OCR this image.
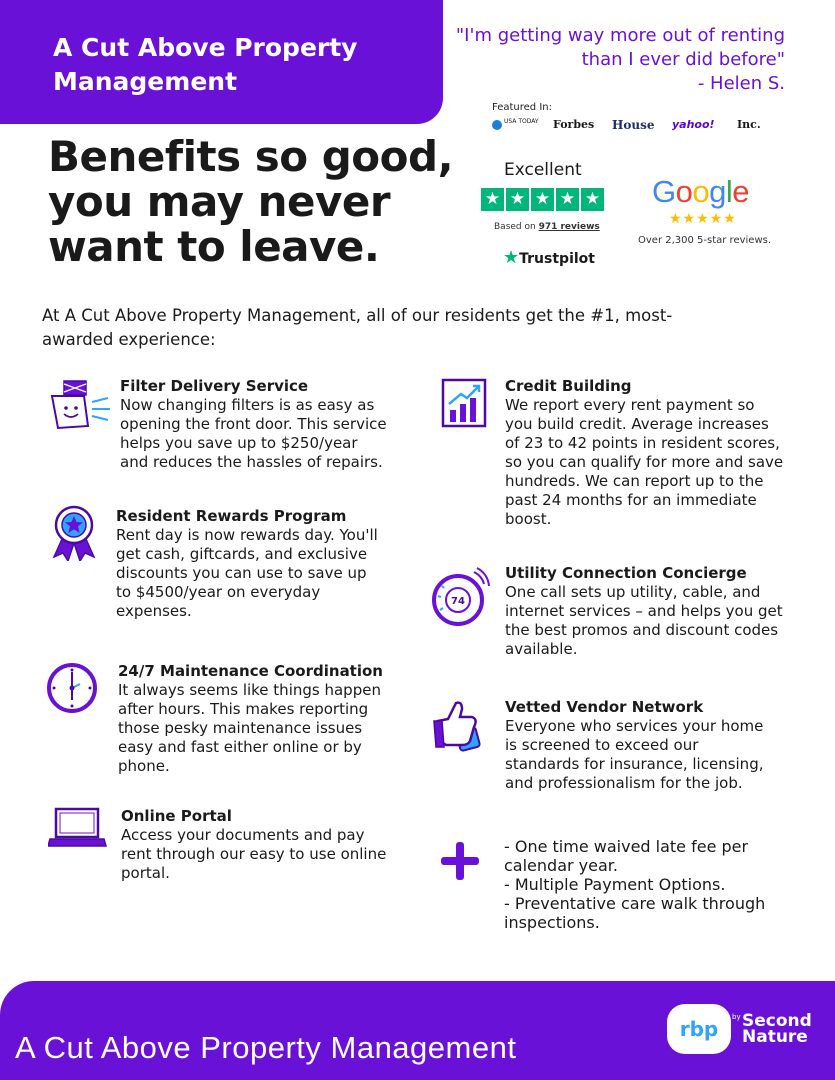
A Cut Above Property Management
"I'm getting way more out of renting than I ever did before"
- Helen S.
Benefits so good, you may never want to leave.
Featured In:
USA TODAY Forbes House yahoo! Inc.
Excellent
★ ★ ★ ★ ★
Based on 971 reviews
★Trustpilot
Google
★★★★★
Over 2,300 5-star reviews.
At A Cut Above Property Management, all of our residents get the #1, most-awarded experience:
Filter Delivery Service
Now changing filters is as easy as opening the front door. This service helps you save up to $250/year and reduces the hassles of repairs.
Resident Rewards Program
Rent day is now rewards day. You'll get cash, giftcards, and exclusive discounts you can use to save up to $4500/year on everyday expenses.
24/7 Maintenance Coordination
It always seems like things happen after hours. This makes reporting those pesky maintenance issues easy and fast either online or by phone.
Online Portal
Access your documents and pay rent through our easy to use online portal.
Credit Building
We report every rent payment so you build credit. Average increases of 23 to 42 points in resident scores, so you can qualify for more and save hundreds. We can report up to the past 24 months for an immediate boost.
74
Utility Connection Concierge
One call sets up utility, cable, and internet services – and helps you get the best promos and discount codes available.
Vetted Vendor Network
Everyone who services your home is screened to exceed our standards for insurance, licensing, and professionalism for the job.
- One time waived late fee per calendar year.
- Multiple Payment Options.
- Preventative care walk through inspections.
A Cut Above Property Management
rbp	by Second Nature
